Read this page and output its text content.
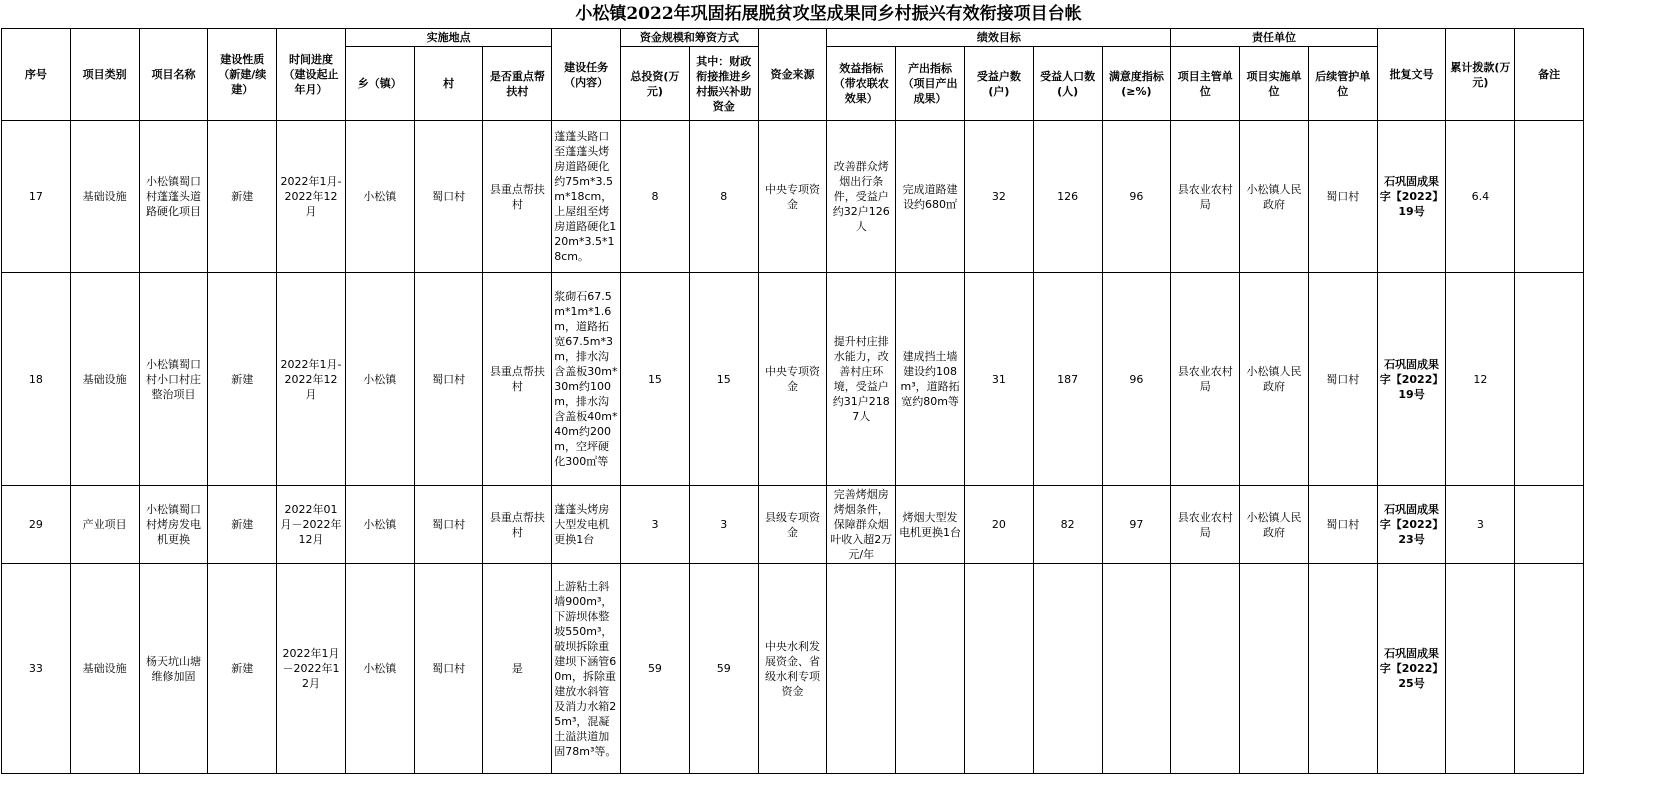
小松镇2022年巩固拓展脱贫攻坚成果同乡村振兴有效衔接项目台帐
序号	项目类别	项目名称	建设性质（新建/续建）	时间进度（建设起止年月）	实施地点			建设任务（内容）	资金规模和筹资方式		资金来源	绩效目标					责任单位			批复文号	累计拨款(万元)	备注
					乡（镇）	村	是否重点帮扶村		总投资(万元)	其中：财政衔接推进乡村振兴补助资金		效益指标（带农联农效果）	产出指标（项目产出成果）	受益户数(户)	受益人口数(人)	满意度指标(≥%)	项目主管单位	项目实施单位	后续管护单位			
17	基础设施	小松镇蜀口村蓬蓬头道路硬化项目	新建	2022年1月-2022年12月	小松镇	蜀口村	县重点帮扶村	蓬蓬头路口至蓬蓬头烤房道路硬化约75m*3.5m*18cm，上屋组至烤房道路硬化120m*3.5*18cm。	8	8	中央专项资金	改善群众烤烟出行条件，受益户约32户126人	完成道路建设约680㎡	32	126	96	县农业农村局	小松镇人民政府	蜀口村	石巩固成果字【2022】19号	6.4	
18	基础设施	小松镇蜀口村小口村庄整治项目	新建	2022年1月-2022年12月	小松镇	蜀口村	县重点帮扶村	浆砌石67.5m*1m*1.6m，道路拓宽67.5m*3m，排水沟含盖板30m*30m约100m，排水沟含盖板40m*40m约200m，空坪硬化300㎡等	15	15	中央专项资金	提升村庄排水能力，改善村庄环境，受益户约31户2187人	建成挡土墙建设约108m³，道路拓宽约80m等	31	187	96	县农业农村局	小松镇人民政府	蜀口村	石巩固成果字【2022】19号	12	
29	产业项目	小松镇蜀口村烤房发电机更换	新建	2022年01月－2022年12月	小松镇	蜀口村	县重点帮扶村	蓬蓬头烤房大型发电机更换1台	3	3	县级专项资金	完善烤烟房烤烟条件，保障群众烟叶收入超2万元/年	烤烟大型发电机更换1台	20	82	97	县农业农村局	小松镇人民政府	蜀口村	石巩固成果字【2022】23号	3	
33	基础设施	杨天坑山塘维修加固	新建	2022年1月－2022年12月	小松镇	蜀口村	是	上游粘土斜墙900m³，下游坝体整坡550m³，破坝拆除重建坝下涵管60m，拆除重建放水斜管及消力水箱25m³，混凝土溢洪道加固78m³等。	59	59	中央水利发展资金、省级水利专项资金									石巩固成果字【2022】25号		
